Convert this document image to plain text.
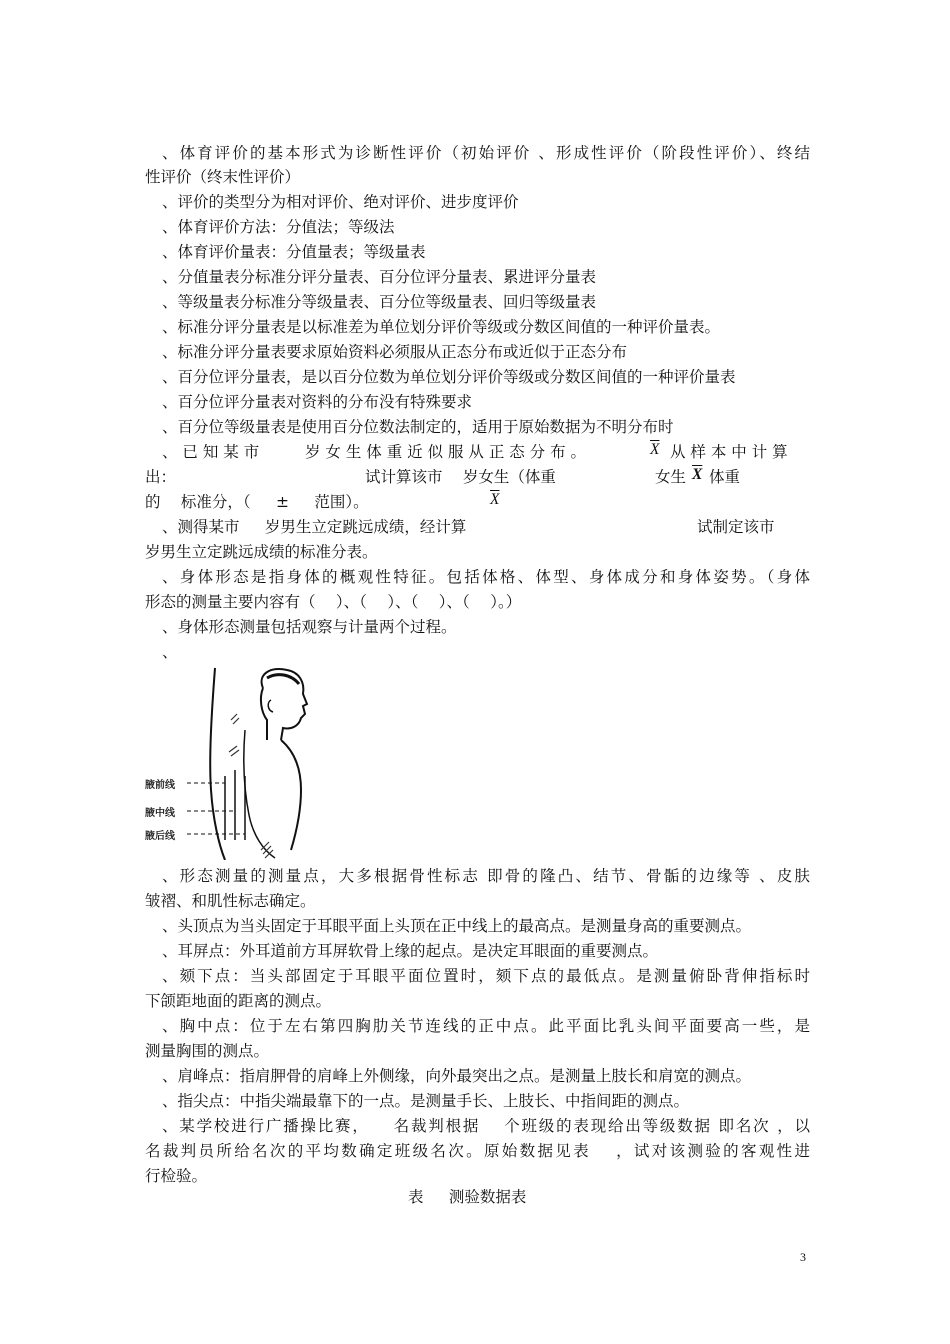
、体育评价的基本形式为诊断性评价（初始评价 、形成性评价（阶段性评价）、终结
性评价（终末性评价）
、评价的类型分为相对评价、绝对评价、进步度评价
、体育评价方法：分值法；等级法
、体育评价量表：分值量表；等级量表
、分值量表分标准分评分量表、百分位评分量表、累进评分量表
、等级量表分标准分等级量表、百分位等级量表、回归等级量表
、标准分评分量表是以标准差为单位划分评价等级或分数区间值的一种评价量表。
、标准分评分量表要求原始资料必须服从正态分布或近似于正态分布
、百分位评分量表，是以百分位数为单位划分评价等级或分数区间值的一种评价量表
、百分位评分量表对资料的分布没有特殊要求
、百分位等级量表是使用百分位数法制定的，适用于原始数据为不明分布时
、 已 知 某 市 　 　 岁 女 生 体 重 近 似 服 从 正 态 分 布 。	$\overline{X}$ 从 样 本 中 计 算
出：	试计算该市 　岁女生（体重	女生 $\overline{X}$ 体重
的 　标准分，（ 　 ± 　 范围）。	$\overline{X}$
、测得某市 　 岁男生立定跳远成绩，经计算	试制定该市
岁男生立定跳远成绩的标准分表。
、身体形态是指身体的概观性特征。包括体格、体型、身体成分和身体姿势。（身体
形态的测量主要内容有（ 　）、（ 　）、（ 　）、（ 　）。）
、身体形态测量包括观察与计量两个过程。
、
腋前线
腋中线
腋后线
、形态测量的测量点，大多根据骨性标志 即骨的隆凸、结节、骨骺的边缘等 、皮肤
皱褶、和肌性标志确定。
、头顶点为当头固定于耳眼平面上头顶在正中线上的最高点。是测量身高的重要测点。
、耳屏点：外耳道前方耳屏软骨上缘的起点。是决定耳眼面的重要测点。
、颏下点：当头部固定于耳眼平面位置时，颏下点的最低点。是测量俯卧背伸指标时
下颌距地面的距离的测点。
、胸中点：位于左右第四胸肋关节连线的正中点。此平面比乳头间平面要高一些，是
测量胸围的测点。
、肩峰点：指肩胛骨的肩峰上外侧缘，向外最突出之点。是测量上肢长和肩宽的测点。
、指尖点：中指尖端最靠下的一点。是测量手长、上肢长、中指间距的测点。
、某学校进行广播操比赛， 　名裁判根据 　个班级的表现给出等级数据 即名次 ，以
名裁判员所给名次的平均数确定班级名次。原始数据见表 　，试对该测验的客观性进
行检验。
表 　 测验数据表
3
